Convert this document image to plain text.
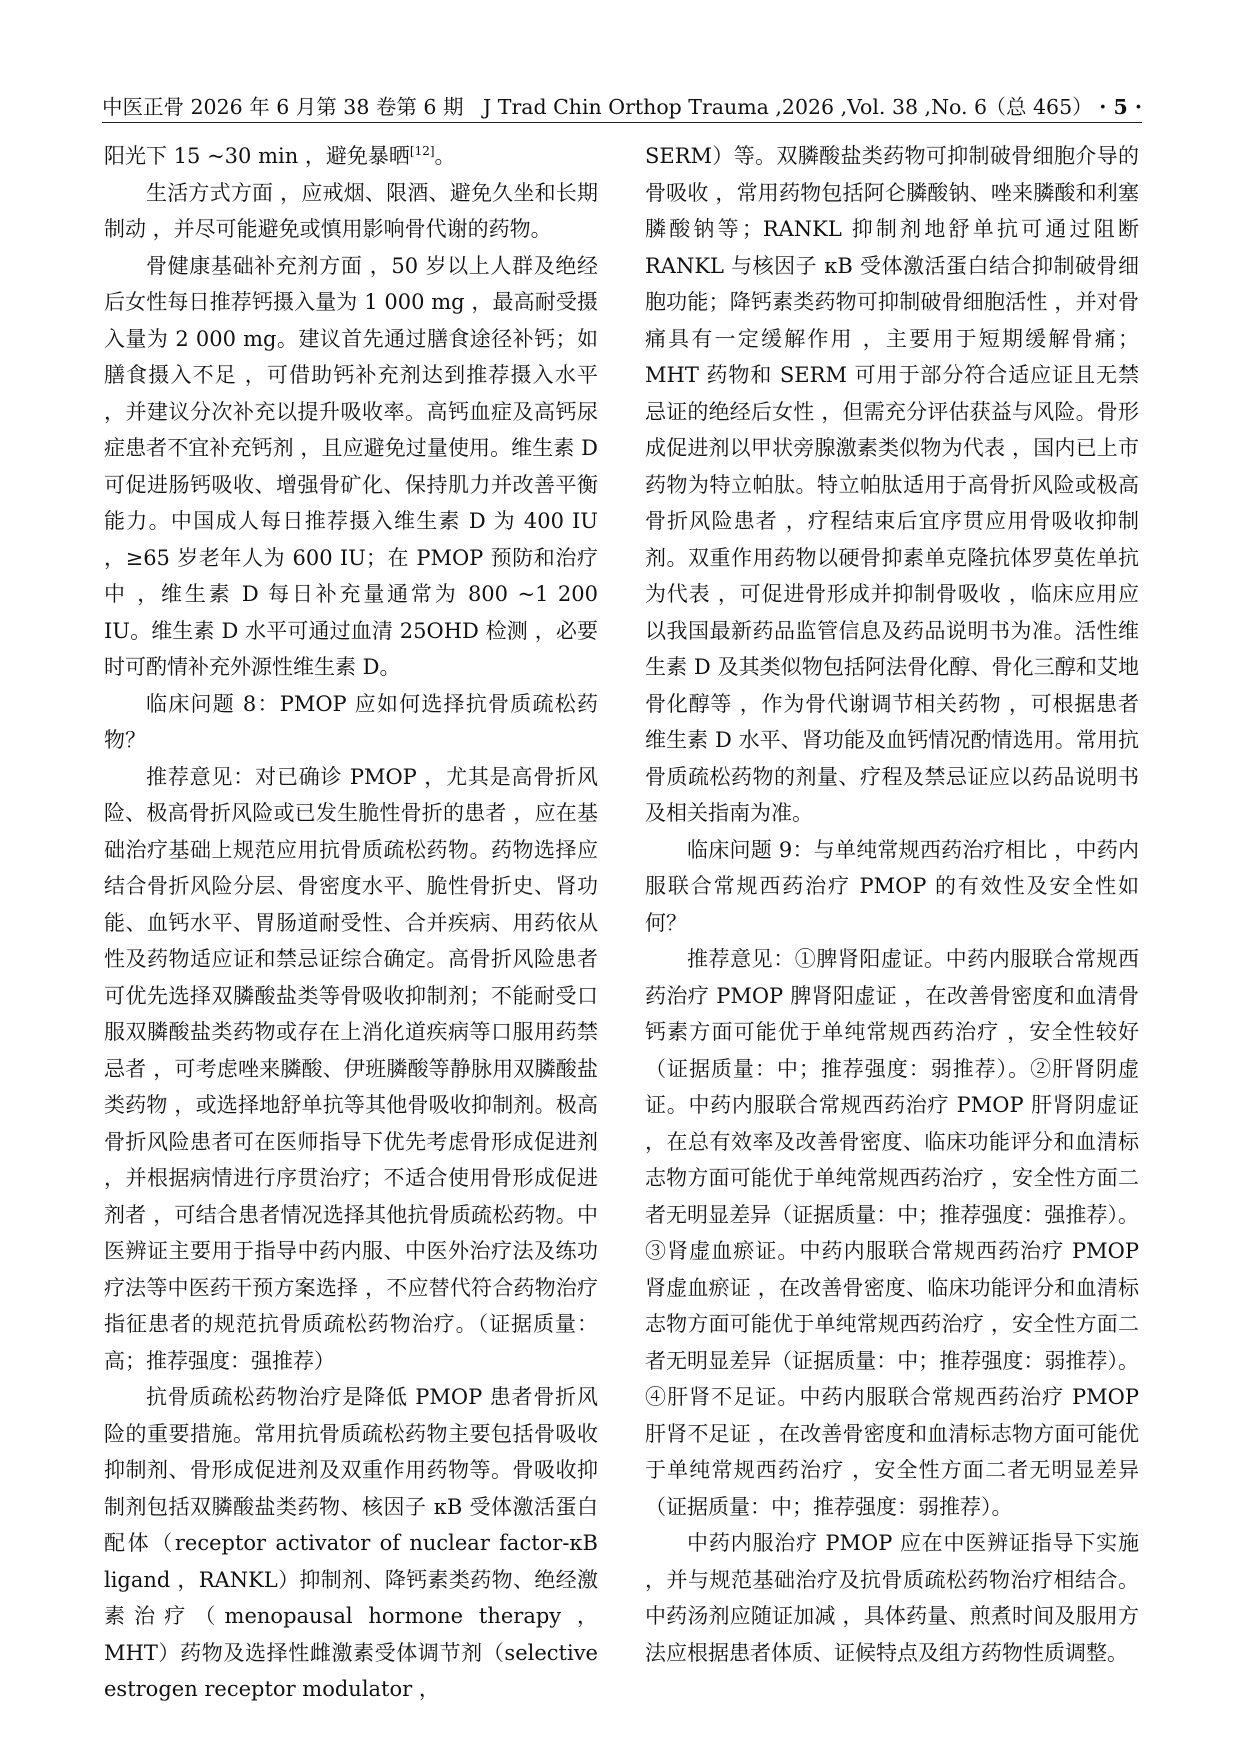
中医正骨 2026 年 6 月第 38 卷第 6 期 J Trad Chin Orthop Trauma ,2026 ,Vol. 38 ,No. 6
（总 465） · 5 ·

阳光下 15 ~30 min ，避免暴晒[12]。

生活方式方面 ，应戒烟、限酒、避免久坐和长期制动 ，并尽可能避免或慎用影响骨代谢的药物。

骨健康基础补充剂方面 ，50 岁以上人群及绝经后女性每日推荐钙摄入量为 1 000 mg ，最高耐受摄入量为 2 000 mg。建议首先通过膳食途径补钙；如膳食摄入不足 ，可借助钙补充剂达到推荐摄入水平 ，并建议分次补充以提升吸收率。高钙血症及高钙尿症患者不宜补充钙剂 ，且应避免过量使用。维生素 D 可促进肠钙吸收、增强骨矿化、保持肌力并改善平衡能力。中国成人每日推荐摄入维生素 D 为 400 IU ，≥65 岁老年人为 600 IU；在 PMOP 预防和治疗中 ，维生素 D 每日补充量通常为 800 ~1 200 IU。维生素 D 水平可通过血清 25OHD 检测 ，必要时可酌情补充外源性维生素 D。

临床问题 8：PMOP 应如何选择抗骨质疏松药物？

推荐意见：对已确诊 PMOP ，尤其是高骨折风险、极高骨折风险或已发生脆性骨折的患者 ，应在基础治疗基础上规范应用抗骨质疏松药物。药物选择应结合骨折风险分层、骨密度水平、脆性骨折史、肾功能、血钙水平、胃肠道耐受性、合并疾病、用药依从性及药物适应证和禁忌证综合确定。高骨折风险患者可优先选择双膦酸盐类等骨吸收抑制剂；不能耐受口服双膦酸盐类药物或存在上消化道疾病等口服用药禁忌者 ，可考虑唑来膦酸、伊班膦酸等静脉用双膦酸盐类药物 ，或选择地舒单抗等其他骨吸收抑制剂。极高骨折风险患者可在医师指导下优先考虑骨形成促进剂 ，并根据病情进行序贯治疗；不适合使用骨形成促进剂者 ，可结合患者情况选择其他抗骨质疏松药物。中医辨证主要用于指导中药内服、中医外治疗法及练功疗法等中医药干预方案选择 ，不应替代符合药物治疗指征患者的规范抗骨质疏松药物治疗。（证据质量：高；推荐强度：强推荐）

抗骨质疏松药物治疗是降低 PMOP 患者骨折风险的重要措施。常用抗骨质疏松药物主要包括骨吸收抑制剂、骨形成促进剂及双重作用药物等。骨吸收抑制剂包括双膦酸盐类药物、核因子 κB 受体激活蛋白配体（receptor activator of nuclear factor-κB ligand ，RANKL）抑制剂、降钙素类药物、绝经激素治疗（menopausal hormone therapy ，MHT）药物及选择性雌激素受体调节剂（selective estrogen receptor modulator ，

SERM）等。双膦酸盐类药物可抑制破骨细胞介导的骨吸收 ，常用药物包括阿仑膦酸钠、唑来膦酸和利塞膦酸钠等；RANKL 抑制剂地舒单抗可通过阻断 RANKL 与核因子 κB 受体激活蛋白结合抑制破骨细胞功能；降钙素类药物可抑制破骨细胞活性 ，并对骨痛具有一定缓解作用 ，主要用于短期缓解骨痛；MHT 药物和 SERM 可用于部分符合适应证且无禁忌证的绝经后女性 ，但需充分评估获益与风险。骨形成促进剂以甲状旁腺激素类似物为代表 ，国内已上市药物为特立帕肽。特立帕肽适用于高骨折风险或极高骨折风险患者 ，疗程结束后宜序贯应用骨吸收抑制剂。双重作用药物以硬骨抑素单克隆抗体罗莫佐单抗为代表 ，可促进骨形成并抑制骨吸收 ，临床应用应以我国最新药品监管信息及药品说明书为准。活性维生素 D 及其类似物包括阿法骨化醇、骨化三醇和艾地骨化醇等 ，作为骨代谢调节相关药物 ，可根据患者维生素 D 水平、肾功能及血钙情况酌情选用。常用抗骨质疏松药物的剂量、疗程及禁忌证应以药品说明书及相关指南为准。

临床问题 9：与单纯常规西药治疗相比 ，中药内服联合常规西药治疗 PMOP 的有效性及安全性如何？

推荐意见：①脾肾阳虚证。中药内服联合常规西药治疗 PMOP 脾肾阳虚证 ，在改善骨密度和血清骨钙素方面可能优于单纯常规西药治疗 ，安全性较好（证据质量：中；推荐强度：弱推荐）。②肝肾阴虚证。中药内服联合常规西药治疗 PMOP 肝肾阴虚证 ，在总有效率及改善骨密度、临床功能评分和血清标志物方面可能优于单纯常规西药治疗 ，安全性方面二者无明显差异（证据质量：中；推荐强度：强推荐）。③肾虚血瘀证。中药内服联合常规西药治疗 PMOP 肾虚血瘀证 ，在改善骨密度、临床功能评分和血清标志物方面可能优于单纯常规西药治疗 ，安全性方面二者无明显差异（证据质量：中；推荐强度：弱推荐）。④肝肾不足证。中药内服联合常规西药治疗 PMOP 肝肾不足证 ，在改善骨密度和血清标志物方面可能优于单纯常规西药治疗 ，安全性方面二者无明显差异（证据质量：中；推荐强度：弱推荐）。

中药内服治疗 PMOP 应在中医辨证指导下实施 ，并与规范基础治疗及抗骨质疏松药物治疗相结合。中药汤剂应随证加减 ，具体药量、煎煮时间及服用方法应根据患者体质、证候特点及组方药物性质调整。
